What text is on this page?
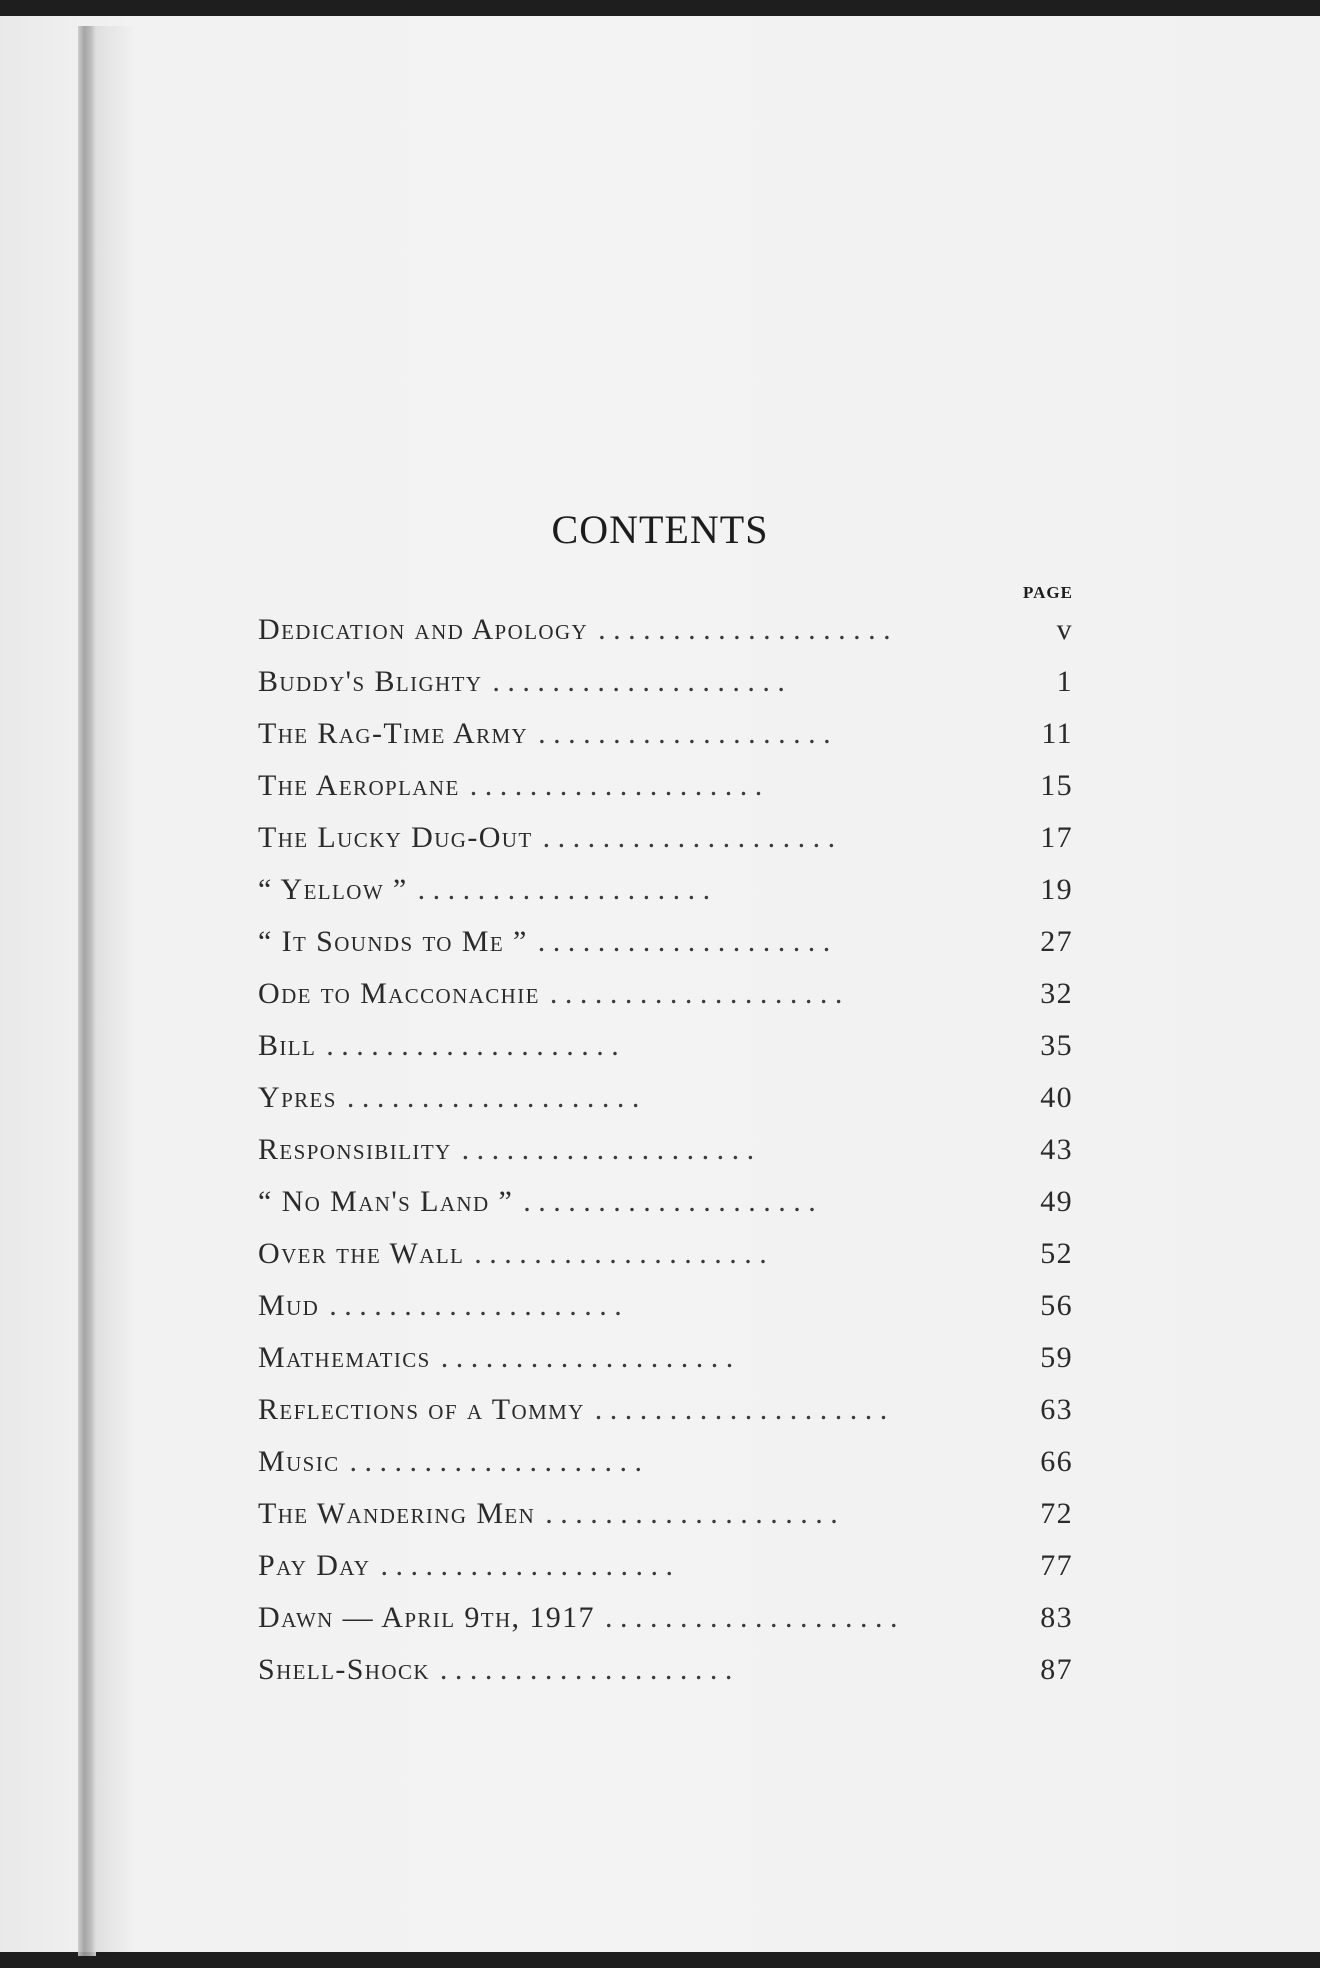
CONTENTS
PAGE
Dedication and Apology . . . . . . . . . . . . . . . . . . . .	v
Buddy's Blighty . . . . . . . . . . . . . . . . . . . .	1
The Rag-Time Army . . . . . . . . . . . . . . . . . . . .	11
The Aeroplane . . . . . . . . . . . . . . . . . . . .	15
The Lucky Dug-Out . . . . . . . . . . . . . . . . . . . .	17
“ Yellow ” . . . . . . . . . . . . . . . . . . . .	19
“ It Sounds to Me ” . . . . . . . . . . . . . . . . . . . .	27
Ode to Macconachie . . . . . . . . . . . . . . . . . . . .	32
Bill . . . . . . . . . . . . . . . . . . . .	35
Ypres . . . . . . . . . . . . . . . . . . . .	40
Responsibility . . . . . . . . . . . . . . . . . . . .	43
“ No Man's Land ” . . . . . . . . . . . . . . . . . . . .	49
Over the Wall . . . . . . . . . . . . . . . . . . . .	52
Mud . . . . . . . . . . . . . . . . . . . .	56
Mathematics . . . . . . . . . . . . . . . . . . . .	59
Reflections of a Tommy . . . . . . . . . . . . . . . . . . . .	63
Music . . . . . . . . . . . . . . . . . . . .	66
The Wandering Men . . . . . . . . . . . . . . . . . . . .	72
Pay Day . . . . . . . . . . . . . . . . . . . .	77
Dawn — April 9th, 1917 . . . . . . . . . . . . . . . . . . . .	83
Shell-Shock . . . . . . . . . . . . . . . . . . . .	87
